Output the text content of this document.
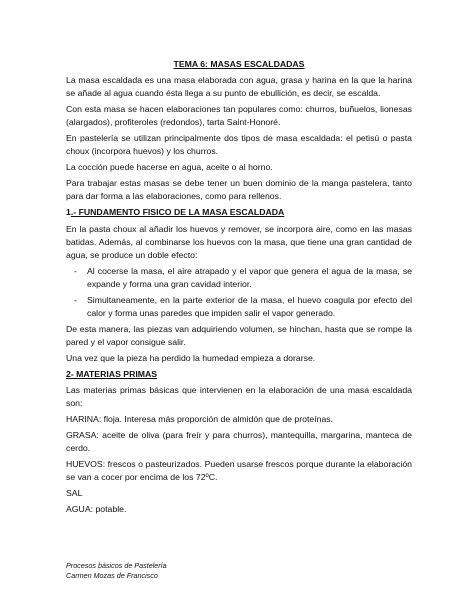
TEMA 6: MASAS ESCALDADAS

La masa escaldada es una masa elaborada con agua, grasa y harina en la que la harina se añade al agua cuando ésta llega a su punto de ebullición, es decir, se escalda.

Con esta masa se hacen elaboraciones tan populares como: churros, buñuelos, lionesas (alargados), profiteroles (redondos), tarta Saint-Honoré.

En pastelería se utilizan principalmente dos tipos de masa escaldada: el petisú o pasta choux (incorpora huevos) y los churros.

La cocción puede hacerse en agua, aceite o al horno.

Para trabajar estas masas se debe tener un buen dominio de la manga pastelera, tanto para dar forma a las elaboraciones, como para rellenos.

1.- FUNDAMENTO FISICO DE LA MASA ESCALDADA

En la pasta choux al añadir los huevos y remover, se incorpora aire, como en las masas batidas. Además, al combinarse los huevos con la masa, que tiene una gran cantidad de agua, se produce un doble efecto:

-	Al cocerse la masa, el aire atrapado y el vapor que genera el agua de la masa, se expande y forma una gran cavidad interior.
-	Simultaneamente, en la parte exterior de la masa, el huevo coagula por efecto del calor y forma unas paredes que impiden salir el vapor generado.

De esta manera, las piezas van adquiriendo volumen, se hinchan, hasta que se rompe la pared y el vapor consigue salir.

Una vez que la pieza ha perdido la humedad empieza a dorarse.

2- MATERIAS PRIMAS

Las materias primas básicas que intervienen en la elaboración de una masa escaldada son:

HARINA: floja. Interesa más proporción de almidón que de proteínas.

GRASA: aceite de oliva (para freír y para churros), mantequilla, margarina, manteca de cerdo.

HUEVOS: frescos o pasteurizados. Pueden usarse frescos porque durante la elaboración se van a cocer por encima de los 72ºC.

SAL

AGUA: potable.

Procesos básicos de Pastelería
Carmen Mozas de Francisco
